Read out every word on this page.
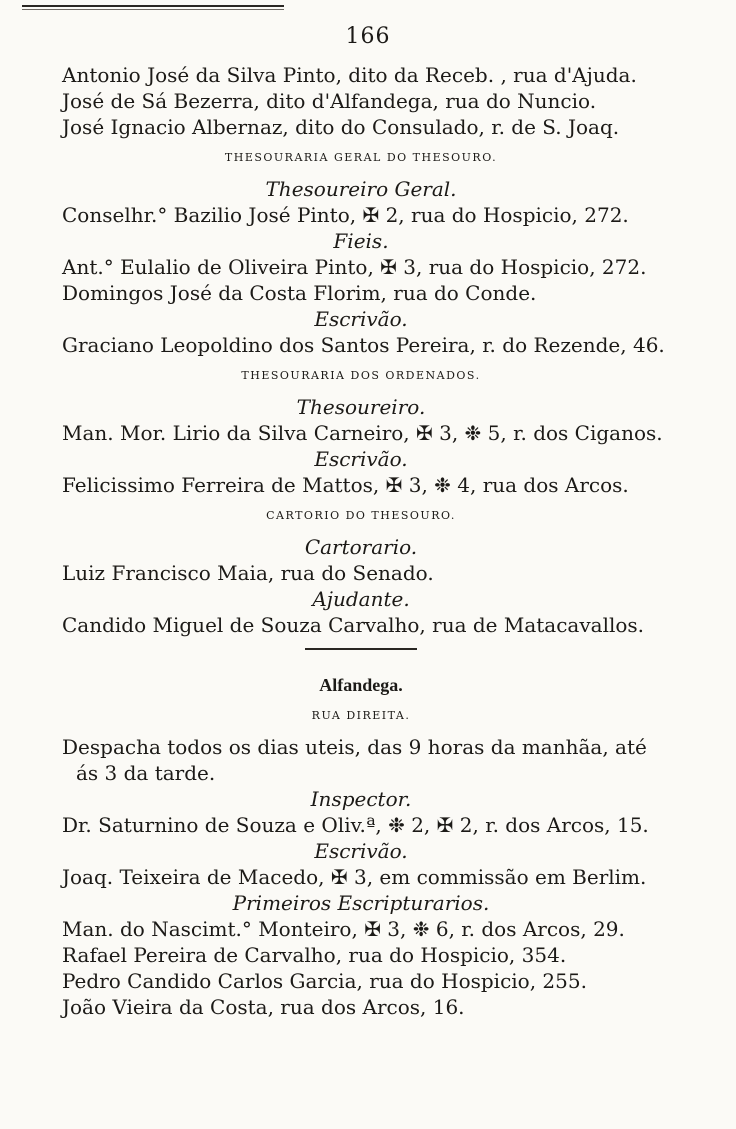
166
Antonio José da Silva Pinto, dito da Receb. , rua d'Ajuda.
José de Sá Bezerra, dito d'Alfandega, rua do Nuncio.
José Ignacio Albernaz, dito do Consulado, r. de S. Joaq.
THESOURARIA GERAL DO THESOURO.
Thesoureiro Geral.
Conselhr.° Bazilio José Pinto, ✠ 2, rua do Hospicio, 272.
Fieis.
Ant.° Eulalio de Oliveira Pinto, ✠ 3, rua do Hospicio, 272.
Domingos José da Costa Florim, rua do Conde.
Escrivão.
Graciano Leopoldino dos Santos Pereira, r. do Rezende, 46.
THESOURARIA DOS ORDENADOS.
Thesoureiro.
Man. Mor. Lirio da Silva Carneiro, ✠ 3, ❉ 5, r. dos Ciganos.
Escrivão.
Felicissimo Ferreira de Mattos, ✠ 3, ❉ 4, rua dos Arcos.
CARTORIO DO THESOURO.
Cartorario.
Luiz Francisco Maia, rua do Senado.
Ajudante.
Candido Miguel de Souza Carvalho, rua de Matacavallos.
Alfandega.
RUA DIREITA.
Despacha todos os dias uteis, das 9 horas da manhãa, até
ás 3 da tarde.
Inspector.
Dr. Saturnino de Souza e Oliv.ª, ❉ 2, ✠ 2, r. dos Arcos, 15.
Escrivão.
Joaq. Teixeira de Macedo, ✠ 3, em commissão em Berlim.
Primeiros Escripturarios.
Man. do Nascimt.° Monteiro, ✠ 3, ❉ 6, r. dos Arcos, 29.
Rafael Pereira de Carvalho, rua do Hospicio, 354.
Pedro Candido Carlos Garcia, rua do Hospicio, 255.
João Vieira da Costa, rua dos Arcos, 16.
